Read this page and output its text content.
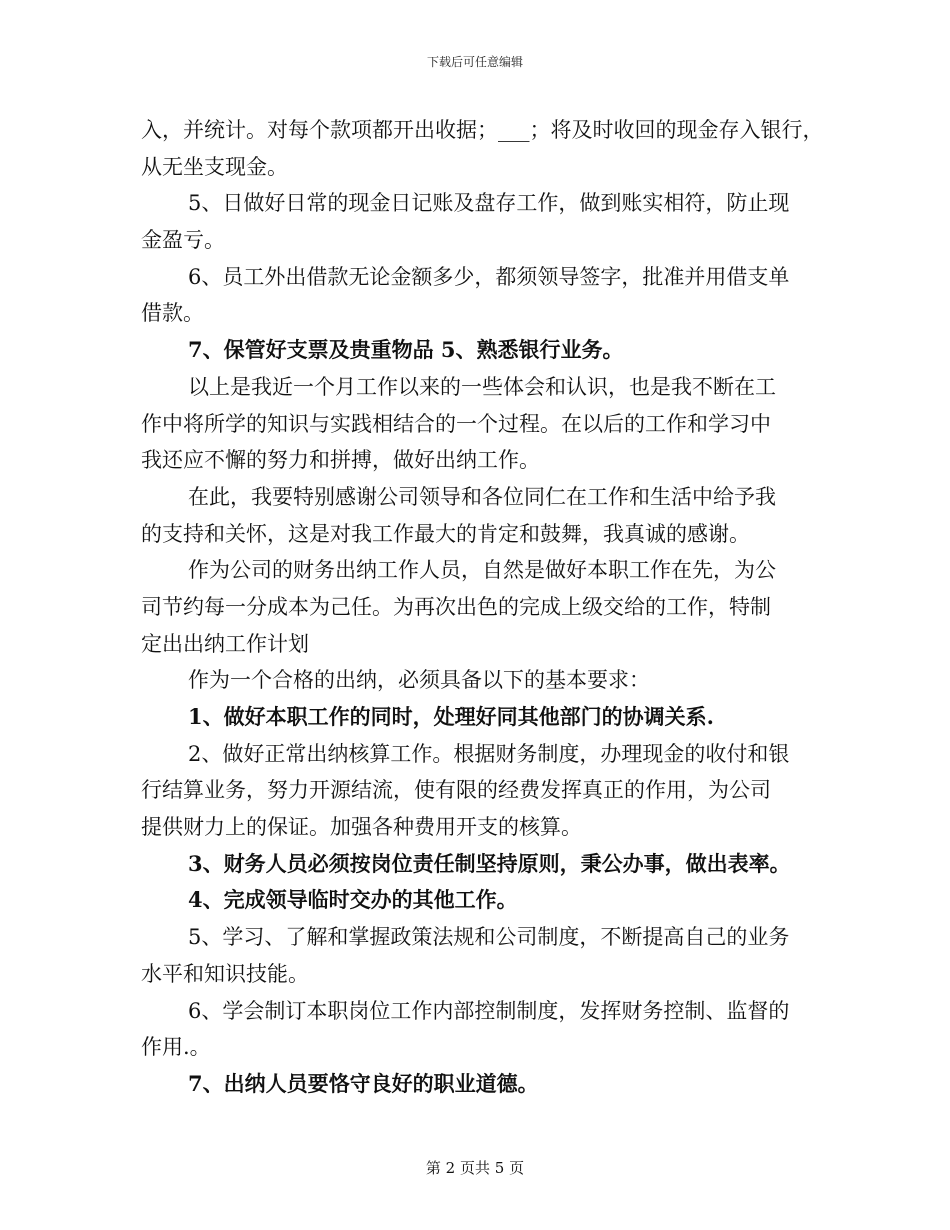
下载后可任意编辑
入，并统计。对每个款项都开出收据；___；将及时收回的现金存入银行，
从无坐支现金。
5、日做好日常的现金日记账及盘存工作，做到账实相符，防止现
金盈亏。
6、员工外出借款无论金额多少，都须领导签字，批准并用借支单
借款。
7、保管好支票及贵重物品 5、熟悉银行业务。
以上是我近一个月工作以来的一些体会和认识，也是我不断在工
作中将所学的知识与实践相结合的一个过程。在以后的工作和学习中
我还应不懈的努力和拼搏，做好出纳工作。
在此，我要特别感谢公司领导和各位同仁在工作和生活中给予我
的支持和关怀，这是对我工作最大的肯定和鼓舞，我真诚的感谢。
作为公司的财务出纳工作人员，自然是做好本职工作在先，为公
司节约每一分成本为己任。为再次出色的完成上级交给的工作，特制
定出出纳工作计划
作为一个合格的出纳，必须具备以下的基本要求：
1、做好本职工作的同时，处理好同其他部门的协调关系.
2、做好正常出纳核算工作。根据财务制度，办理现金的收付和银
行结算业务，努力开源结流，使有限的经费发挥真正的作用，为公司
提供财力上的保证。加强各种费用开支的核算。
3、财务人员必须按岗位责任制坚持原则，秉公办事，做出表率。
4、完成领导临时交办的其他工作。
5、学习、了解和掌握政策法规和公司制度，不断提高自己的业务
水平和知识技能。
6、学会制订本职岗位工作内部控制制度，发挥财务控制、监督的
作用.。
7、出纳人员要恪守良好的职业道德。
第 2 页共 5 页
